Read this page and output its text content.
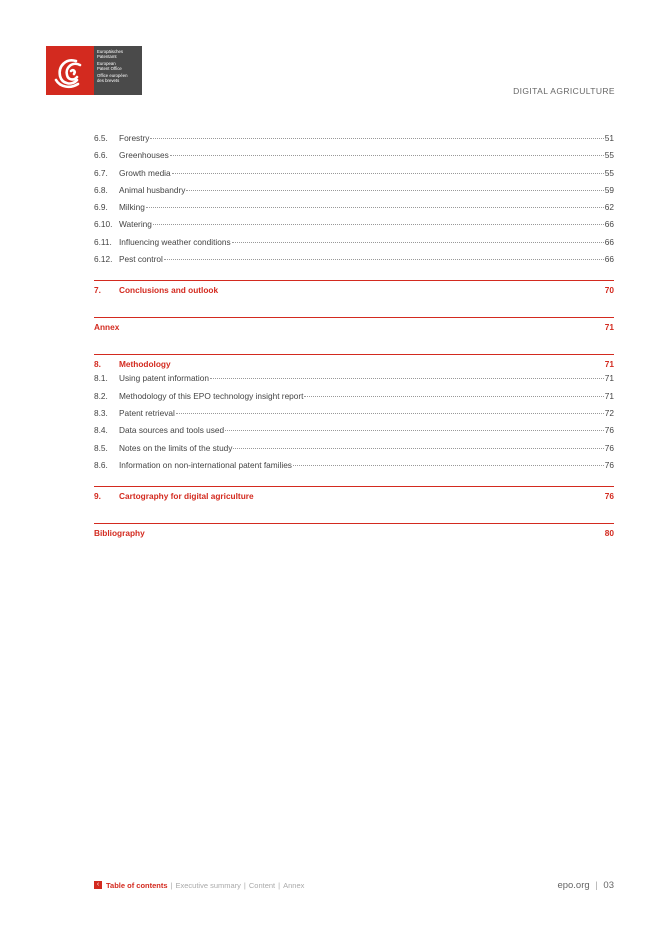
Europäisches
Patentamt
European
Patent Office
Office européen
des brevets
DIGITAL AGRICULTURE
6.5.	Forestry	51
6.6.	Greenhouses	55
6.7.	Growth media	55
6.8.	Animal husbandry	59
6.9.	Milking	62
6.10. Watering	66
6.11. Influencing weather conditions	66
6.12. Pest control	66
7.	Conclusions and outlook	70
Annex	71
8.	Methodology	71
8.1.	Using patent information	71
8.2.	Methodology of this EPO technology insight report	71
8.3.	Patent retrieval	72
8.4.	Data sources and tools used	76
8.5.	Notes on the limits of the study	76
8.6.	Information on non-international patent families	76
9.	Cartography for digital agriculture	76
Bibliography	80
‹ Table of contents | Executive summary | Content | Annex	epo.org | 03
